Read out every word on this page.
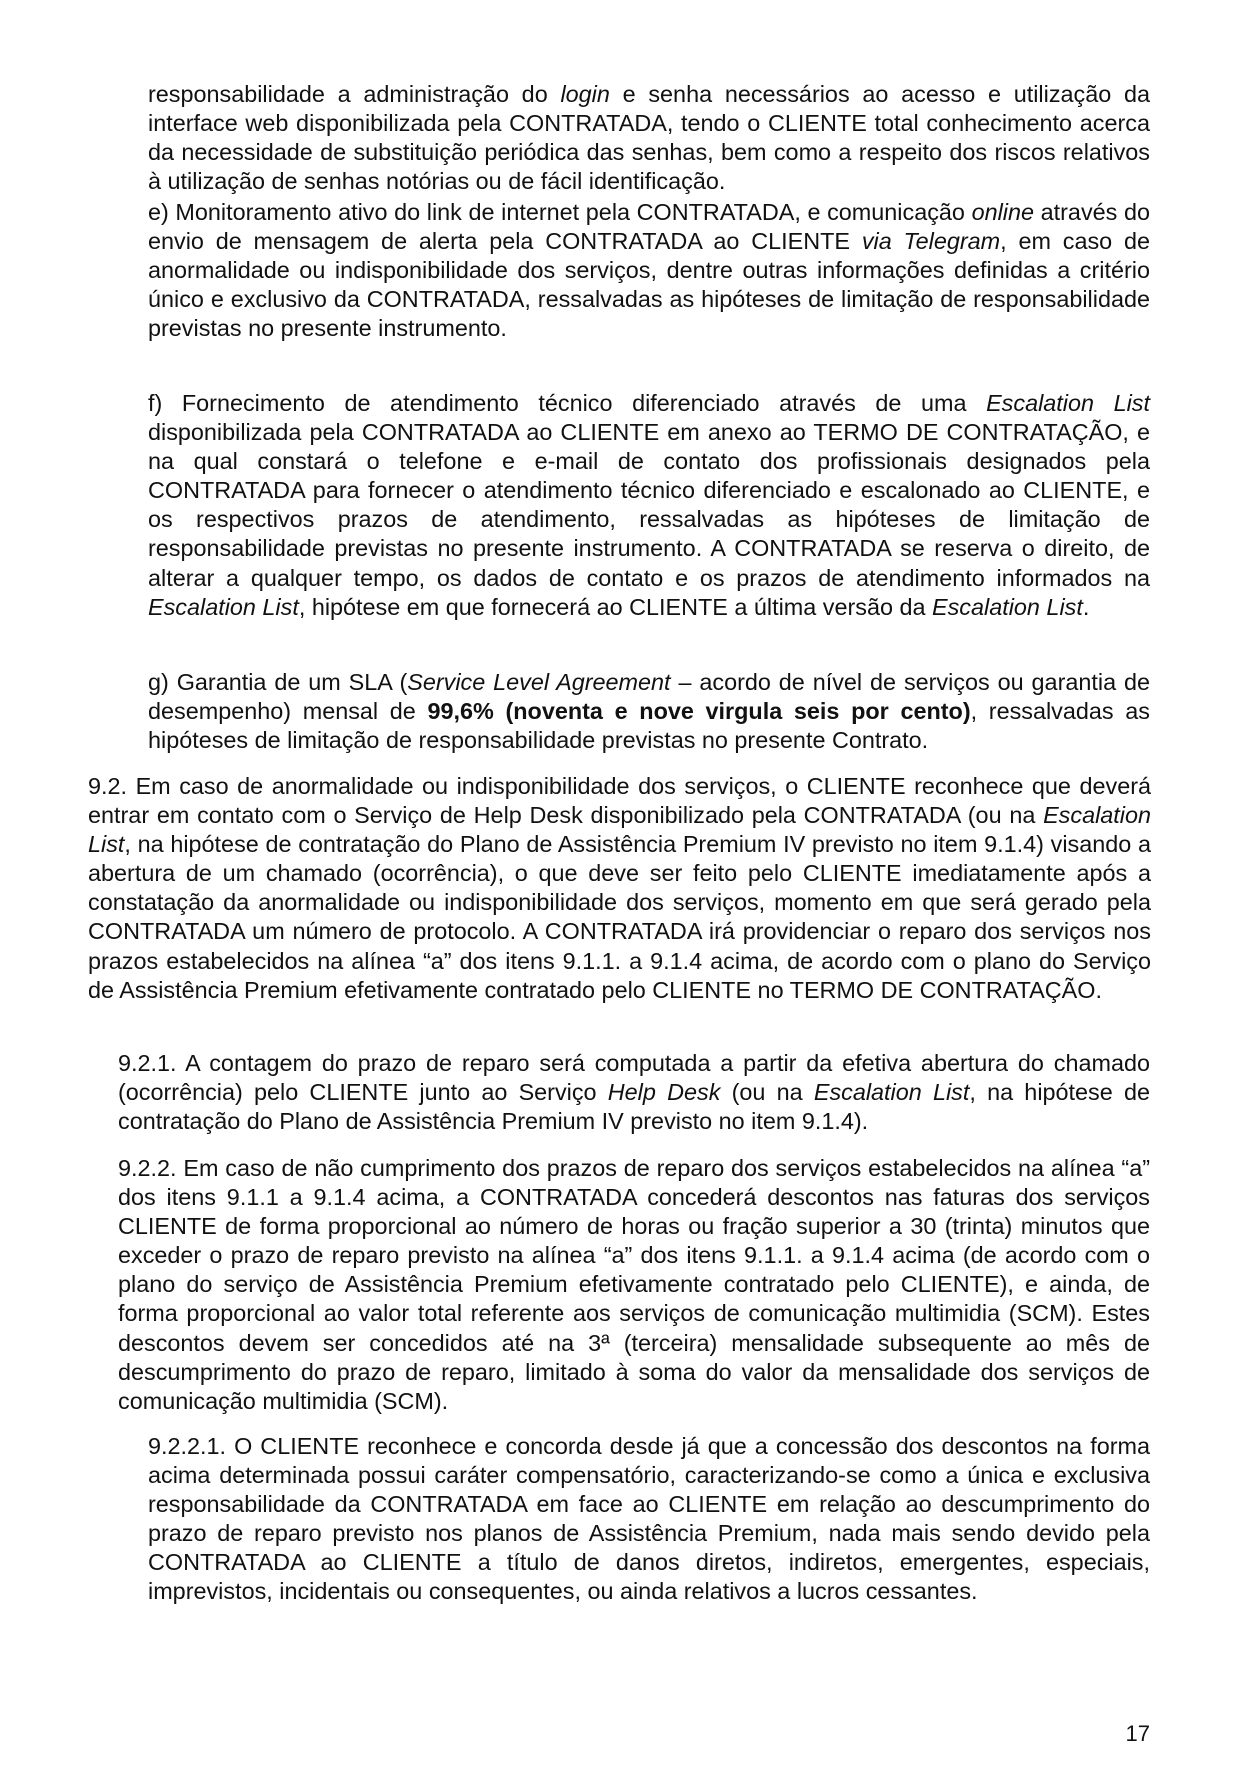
responsabilidade a administração do login e senha necessários ao acesso e utilização da interface web disponibilizada pela CONTRATADA, tendo o CLIENTE total conhecimento acerca da necessidade de substituição periódica das senhas, bem como a respeito dos riscos relativos à utilização de senhas notórias ou de fácil identificação.

e) Monitoramento ativo do link de internet pela CONTRATADA, e comunicação online através do envio de mensagem de alerta pela CONTRATADA ao CLIENTE via Telegram, em caso de anormalidade ou indisponibilidade dos serviços, dentre outras informações definidas a critério único e exclusivo da CONTRATADA, ressalvadas as hipóteses de limitação de responsabilidade previstas no presente instrumento.

f) Fornecimento de atendimento técnico diferenciado através de uma Escalation List disponibilizada pela CONTRATADA ao CLIENTE em anexo ao TERMO DE CONTRATAÇÃO, e na qual constará o telefone e e-mail de contato dos profissionais designados pela CONTRATADA para fornecer o atendimento técnico diferenciado e escalonado ao CLIENTE, e os respectivos prazos de atendimento, ressalvadas as hipóteses de limitação de responsabilidade previstas no presente instrumento. A CONTRATADA se reserva o direito, de alterar a qualquer tempo, os dados de contato e os prazos de atendimento informados na Escalation List, hipótese em que fornecerá ao CLIENTE a última versão da Escalation List.

g) Garantia de um SLA (Service Level Agreement – acordo de nível de serviços ou garantia de desempenho) mensal de 99,6% (noventa e nove virgula seis por cento), ressalvadas as hipóteses de limitação de responsabilidade previstas no presente Contrato.

9.2. Em caso de anormalidade ou indisponibilidade dos serviços, o CLIENTE reconhece que deverá entrar em contato com o Serviço de Help Desk disponibilizado pela CONTRATADA (ou na Escalation List, na hipótese de contratação do Plano de Assistência Premium IV previsto no item 9.1.4) visando a abertura de um chamado (ocorrência), o que deve ser feito pelo CLIENTE imediatamente após a constatação da anormalidade ou indisponibilidade dos serviços, momento em que será gerado pela CONTRATADA um número de protocolo. A CONTRATADA irá providenciar o reparo dos serviços nos prazos estabelecidos na alínea “a” dos itens 9.1.1. a 9.1.4 acima, de acordo com o plano do Serviço de Assistência Premium efetivamente contratado pelo CLIENTE no TERMO DE CONTRATAÇÃO.

9.2.1. A contagem do prazo de reparo será computada a partir da efetiva abertura do chamado (ocorrência) pelo CLIENTE junto ao Serviço Help Desk (ou na Escalation List, na hipótese de contratação do Plano de Assistência Premium IV previsto no item 9.1.4).

9.2.2. Em caso de não cumprimento dos prazos de reparo dos serviços estabelecidos na alínea “a” dos itens 9.1.1 a 9.1.4 acima, a CONTRATADA concederá descontos nas faturas dos serviços CLIENTE de forma proporcional ao número de horas ou fração superior a 30 (trinta) minutos que exceder o prazo de reparo previsto na alínea “a” dos itens 9.1.1. a 9.1.4 acima (de acordo com o plano do serviço de Assistência Premium efetivamente contratado pelo CLIENTE), e ainda, de forma proporcional ao valor total referente aos serviços de comunicação multimidia (SCM). Estes descontos devem ser concedidos até na 3ª (terceira) mensalidade subsequente ao mês de descumprimento do prazo de reparo, limitado à soma do valor da mensalidade dos serviços de comunicação multimidia (SCM).

9.2.2.1. O CLIENTE reconhece e concorda desde já que a concessão dos descontos na forma acima determinada possui caráter compensatório, caracterizando-se como a única e exclusiva responsabilidade da CONTRATADA em face ao CLIENTE em relação ao descumprimento do prazo de reparo previsto nos planos de Assistência Premium, nada mais sendo devido pela CONTRATADA ao CLIENTE a título de danos diretos, indiretos, emergentes, especiais, imprevistos, incidentais ou consequentes, ou ainda relativos a lucros cessantes.

17
